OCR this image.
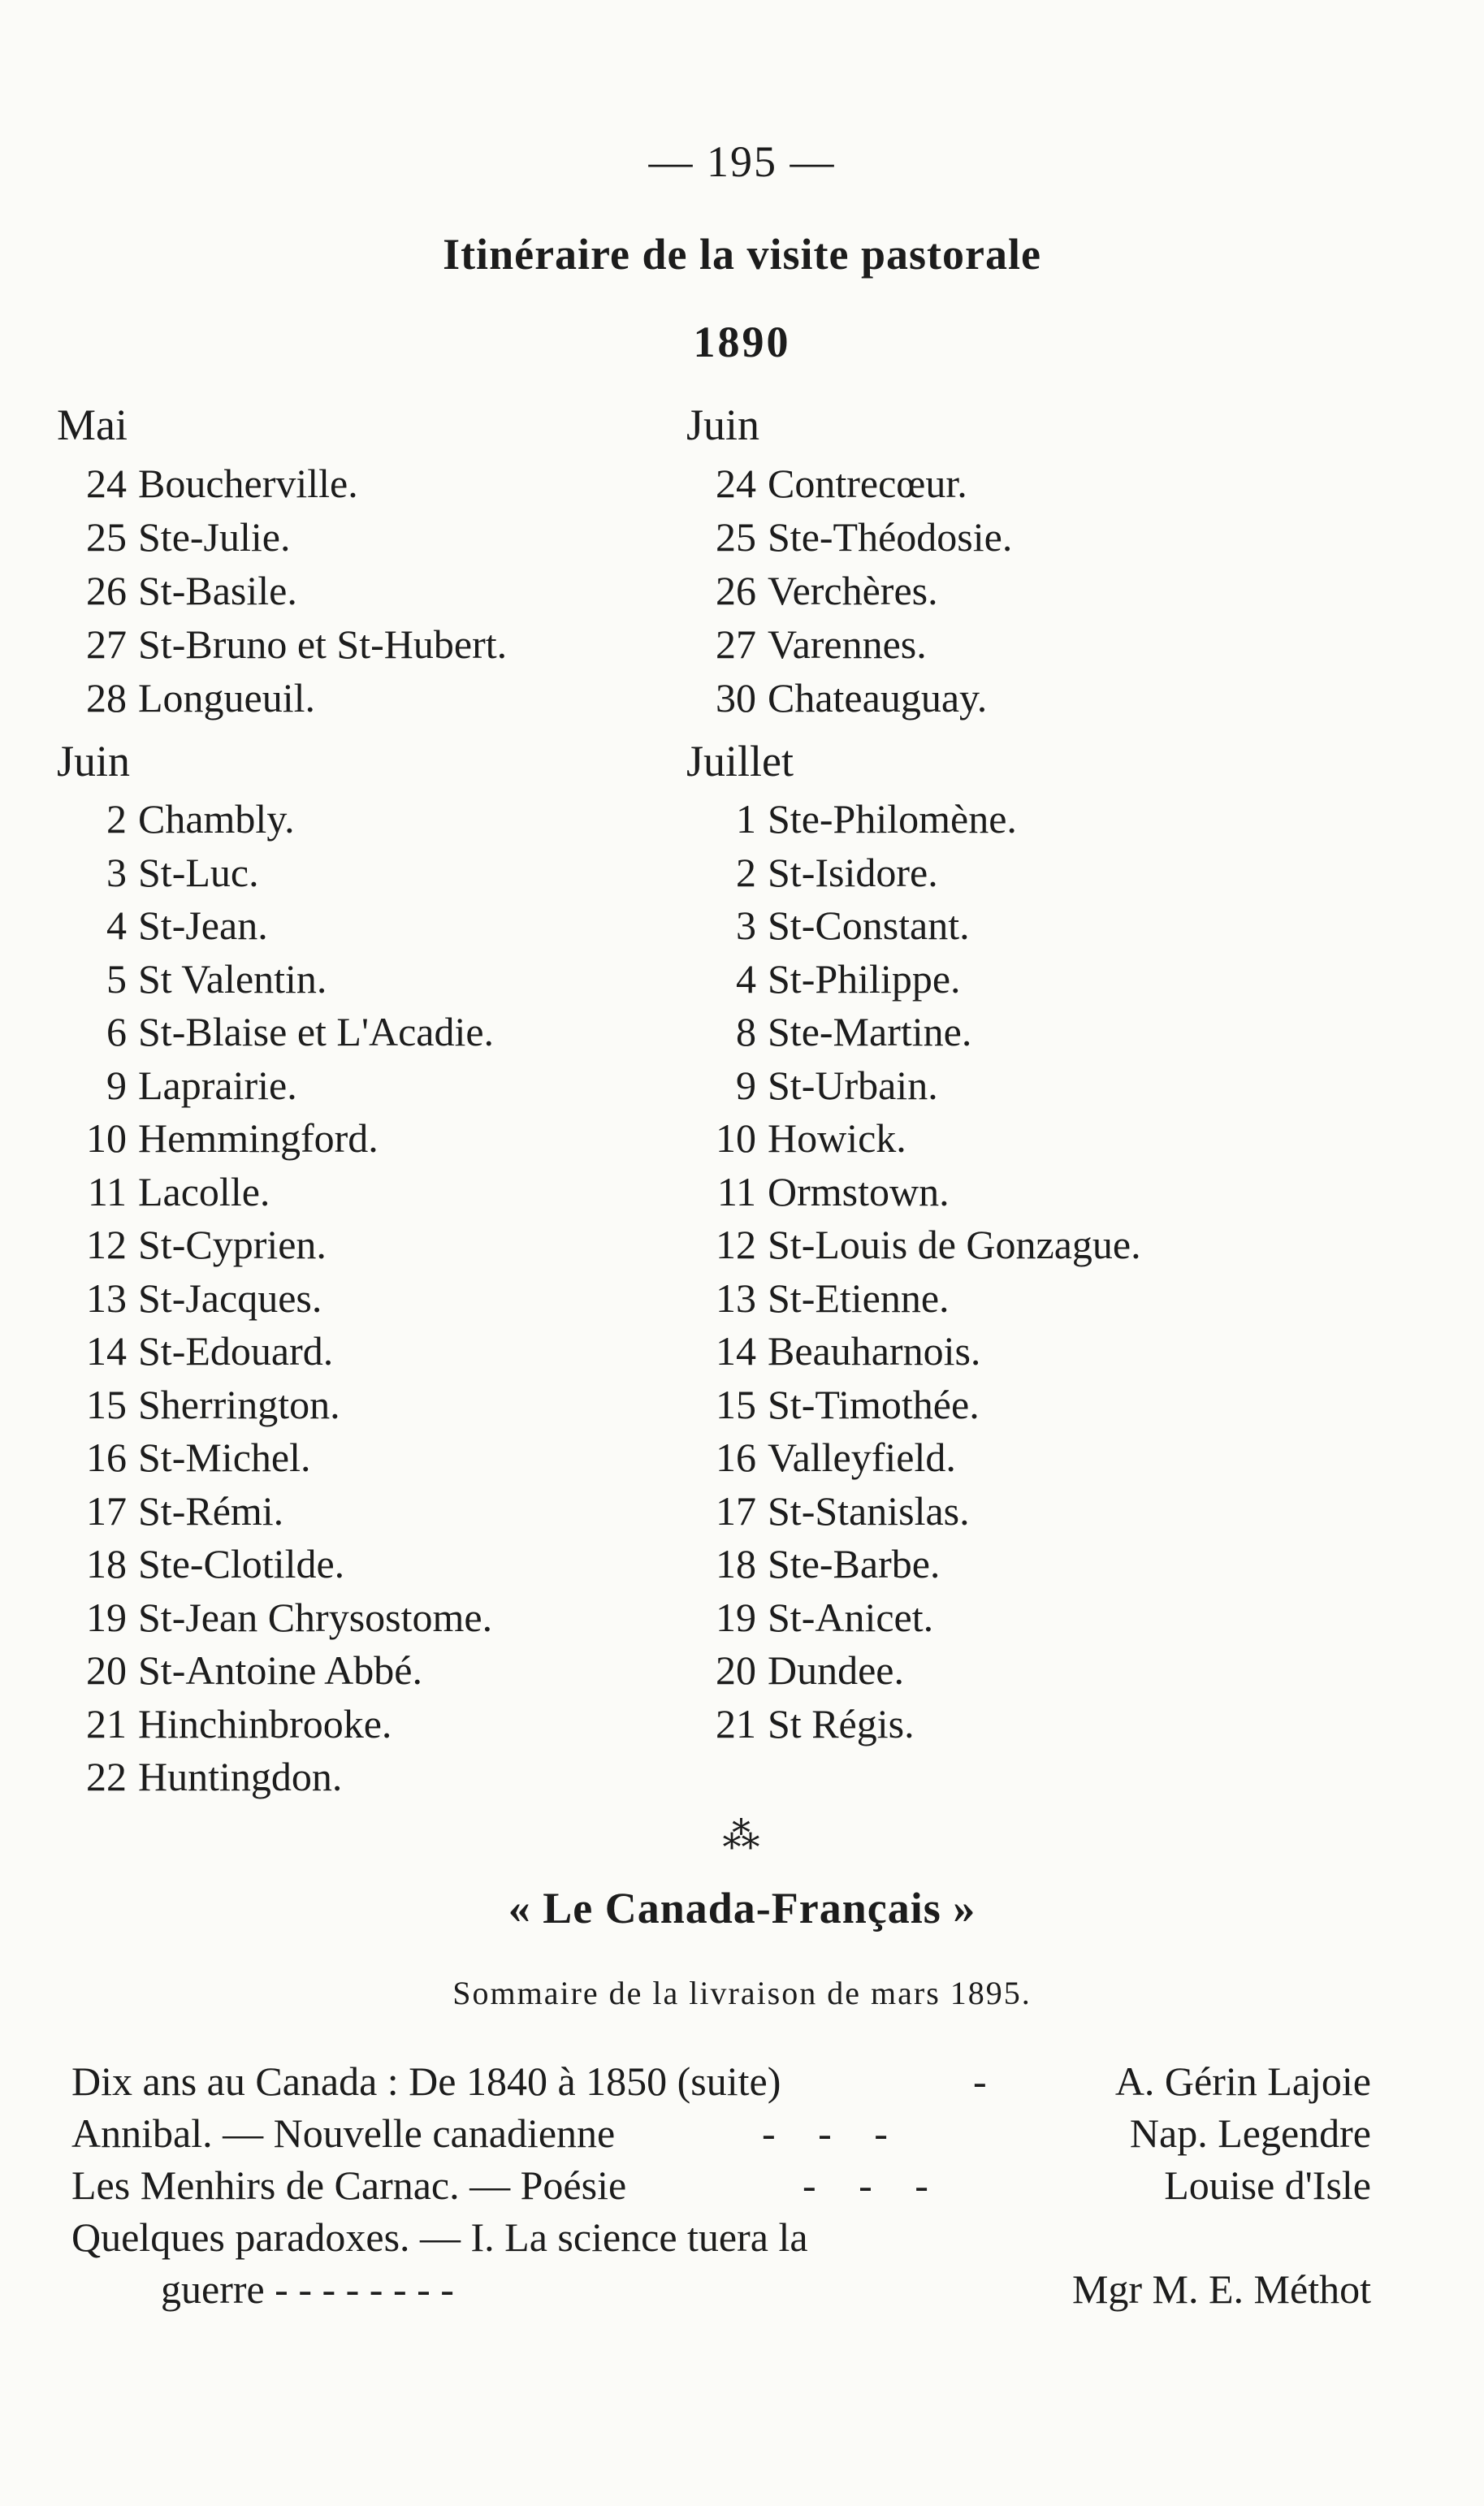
— 195 —
Itinéraire de la visite pastorale
1890
Mai
24 Boucherville.
25 Ste-Julie.
26 St-Basile.
27 St-Bruno et St-Hubert.
28 Longueuil.
Juin
2 Chambly.
3 St-Luc.
4 St-Jean.
5 St Valentin.
6 St-Blaise et L'Acadie.
9 Laprairie.
10 Hemmingford.
11 Lacolle.
12 St-Cyprien.
13 St-Jacques.
14 St-Edouard.
15 Sherrington.
16 St-Michel.
17 St-Rémi.
18 Ste-Clotilde.
19 St-Jean Chrysostome.
20 St-Antoine Abbé.
21 Hinchinbrooke.
22 Huntingdon.
Juin
24 Contrecœur.
25 Ste-Théodosie.
26 Verchères.
27 Varennes.
30 Chateauguay.
Juillet
1 Ste-Philomène.
2 St-Isidore.
3 St-Constant.
4 St-Philippe.
8 Ste-Martine.
9 St-Urbain.
10 Howick.
11 Ormstown.
12 St-Louis de Gonzague.
13 St-Etienne.
14 Beauharnois.
15 St-Timothée.
16 Valleyfield.
17 St-Stanislas.
18 Ste-Barbe.
19 St-Anicet.
20 Dundee.
21 St Régis.
⁂
« Le Canada-Français »
Sommaire de la livraison de mars 1895.
Dix ans au Canada : De 1840 à 1850 (suite)	-	A. Gérin Lajoie
Annibal. — Nouvelle canadienne	- - -	Nap. Legendre
Les Menhirs de Carnac. — Poésie	- - -	Louise d'Isle
Quelques paradoxes. — I. La science tuera la
guerre - - - - - - - -	Mgr M. E. Méthot
